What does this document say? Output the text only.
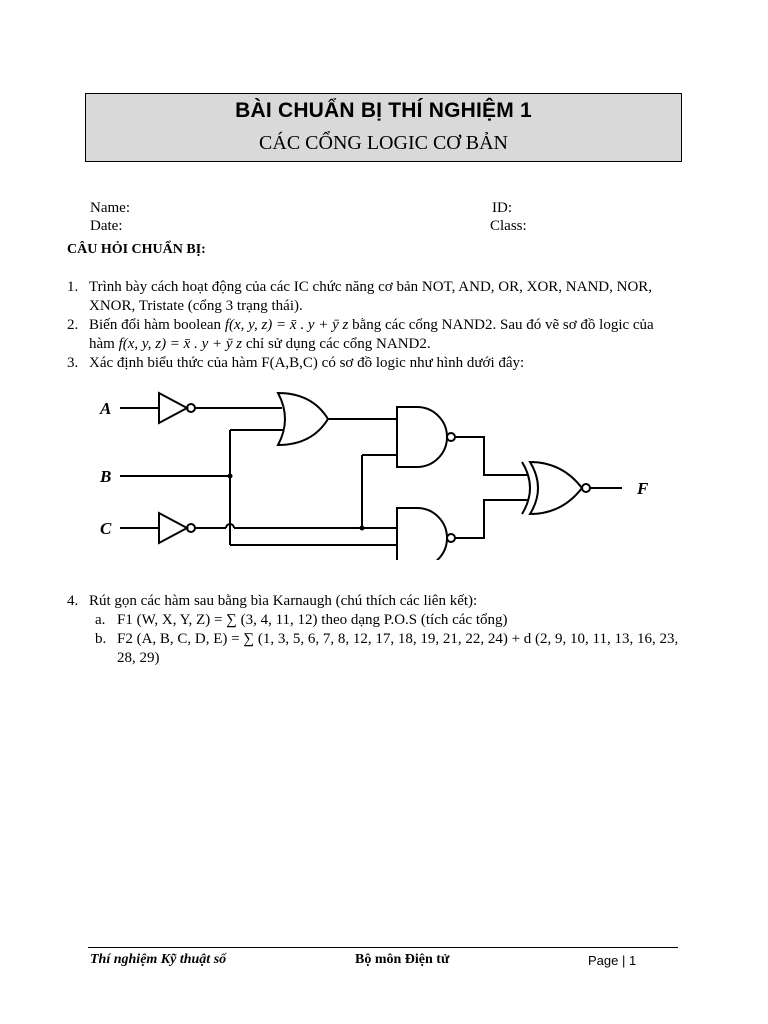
BÀI CHUẨN BỊ THÍ NGHIỆM 1
CÁC CỔNG LOGIC CƠ BẢN
Name:
Date:
ID:
Class:
CÂU HỎI CHUẨN BỊ:
1. Trình bày cách hoạt động của các IC chức năng cơ bản NOT, AND, OR, XOR, NAND, NOR, XNOR, Tristate (cổng 3 trạng thái).
2. Biến đổi hàm boolean f(x, y, z) = x̄ . y + ȳ z bằng các cổng NAND2. Sau đó vẽ sơ đồ logic của hàm f(x, y, z) = x̄ . y + ȳ z chỉ sử dụng các cổng NAND2.
3. Xác định biểu thức của hàm F(A,B,C) có sơ đồ logic như hình dưới đây:
A
B
C
F
4. Rút gọn các hàm sau bằng bìa Karnaugh (chú thích các liên kết):
a. F1 (W, X, Y, Z) = ∑ (3, 4, 11, 12) theo dạng P.O.S (tích các tổng)
b. F2 (A, B, C, D, E) = ∑ (1, 3, 5, 6, 7, 8, 12, 17, 18, 19, 21, 22, 24) + d (2, 9, 10, 11, 13, 16, 23, 28, 29)
Thí nghiệm Kỹ thuật số	Bộ môn Điện tử	Page | 1
